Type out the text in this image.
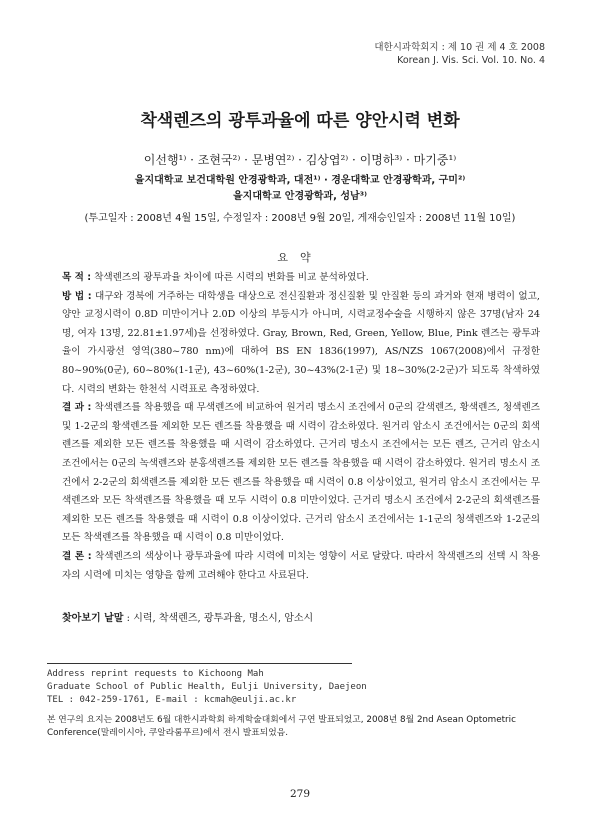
대한시과학회지 : 제 10 권 제 4 호 2008
Korean J. Vis. Sci. Vol. 10. No. 4
착색렌즈의 광투과율에 따른 양안시력 변화
이선행¹⁾ · 조현국²⁾ · 문병연²⁾ · 김상엽²⁾ · 이명하³⁾ · 마기중¹⁾
을지대학교 보건대학원 안경광학과, 대전¹⁾ · 경운대학교 안경광학과, 구미²⁾
을지대학교 안경광학과, 성남³⁾
(투고일자 : 2008년 4월 15일, 수정일자 : 2008년 9월 20일, 게재승인일자 : 2008년 11월 10일)
요약

목 적 : 착색렌즈의 광투과율 차이에 따른 시력의 변화를 비교 분석하였다.

방 법 : 대구와 경북에 거주하는 대학생을 대상으로 전신질환과 정신질환 및 안질환 등의 과거와 현재 병력이 없고, 양안 교정시력이 0.8D 미만이거나 2.0D 이상의 부등시가 아니며, 시력교정수술을 시행하지 않은 37명(남자 24명, 여자 13명, 22.81±1.97세)을 선정하였다. Gray, Brown, Red, Green, Yellow, Blue, Pink 렌즈는 광투과율이 가시광선 영역(380~780 nm)에 대하여 BS EN 1836(1997), AS/NZS 1067(2008)에서 규정한 80~90%(0군), 60~80%(1-1군), 43~60%(1-2군), 30~43%(2-1군) 및 18~30%(2-2군)가 되도록 착색하였다. 시력의 변화는 한천석 시력표로 측정하였다.

결 과 : 착색렌즈를 착용했을 때 무색렌즈에 비교하여 원거리 명소시 조건에서 0군의 갈색렌즈, 황색렌즈, 청색렌즈 및 1-2군의 황색렌즈를 제외한 모든 렌즈를 착용했을 때 시력이 감소하였다. 원거리 암소시 조건에서는 0군의 회색렌즈를 제외한 모든 렌즈를 착용했을 때 시력이 감소하였다. 근거리 명소시 조건에서는 모든 렌즈, 근거리 암소시 조건에서는 0군의 녹색렌즈와 분홍색렌즈를 제외한 모든 렌즈를 착용했을 때 시력이 감소하였다. 원거리 명소시 조건에서 2-2군의 회색렌즈를 제외한 모든 렌즈를 착용했을 때 시력이 0.8 이상이었고, 원거리 암소시 조건에서는 무색렌즈와 모든 착색렌즈를 착용했을 때 모두 시력이 0.8 미만이었다. 근거리 명소시 조건에서 2-2군의 회색렌즈를 제외한 모든 렌즈를 착용했을 때 시력이 0.8 이상이었다. 근거리 암소시 조건에서는 1-1군의 청색렌즈와 1-2군의 모든 착색렌즈를 착용했을 때 시력이 0.8 미만이었다.

결 론 : 착색렌즈의 색상이나 광투과율에 따라 시력에 미치는 영향이 서로 달랐다. 따라서 착색렌즈의 선택 시 착용자의 시력에 미치는 영향을 함께 고려해야 한다고 사료된다.

찾아보기 낱말 : 시력, 착색렌즈, 광투과율, 명소시, 암소시
Address reprint requests to Kichoong Mah
Graduate School of Public Health, Eulji University, Daejeon
TEL : 042-259-1761, E-mail : kcmah@eulji.ac.kr
본 연구의 요지는 2008년도 6월 대한시과학회 하계학술대회에서 구연 발표되었고, 2008년 8월 2nd Asean Optometric Conference(말레이시아, 쿠알라룸푸르)에서 전시 발표되었음.
279
